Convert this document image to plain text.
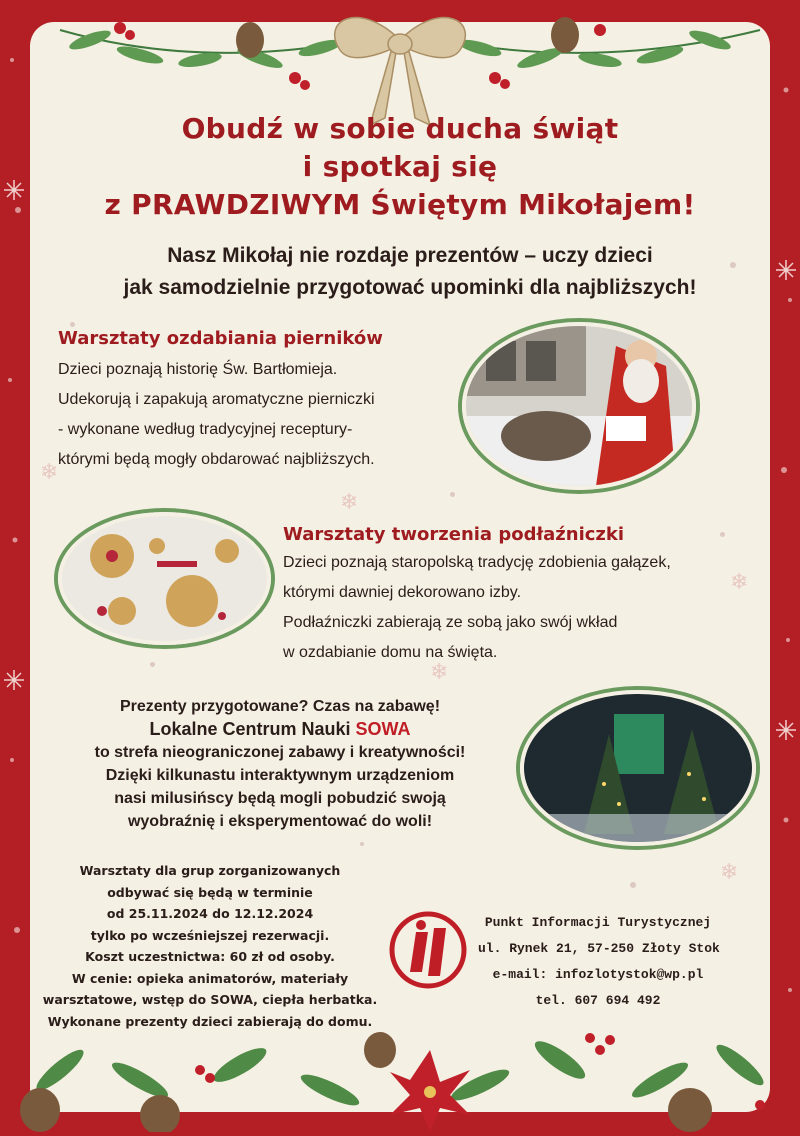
❄
❄
❄
❄
❄
Obudź w sobie ducha świąt
i spotkaj się
z PRAWDZIWYM Świętym Mikołajem!
Nasz Mikołaj nie rozdaje prezentów – uczy dzieci
jak samodzielnie przygotować upominki dla najbliższych!
Warsztaty ozdabiania pierników
Dzieci poznają historię Św. Bartłomieja.
Udekorują i zapakują aromatyczne pierniczki
- wykonane według tradycyjnej receptury-
którymi będą mogły obdarować najbliższych.
Warsztaty tworzenia podłaźniczki
Dzieci poznają staropolską tradycję zdobienia gałązek,
którymi dawniej dekorowano izby.
Podłaźniczki zabierają ze sobą jako swój wkład
w ozdabianie domu na święta.
Prezenty przygotowane? Czas na zabawę!
Lokalne Centrum Nauki SOWA
to strefa nieograniczonej zabawy i kreatywności!
Dzięki kilkunastu interaktywnym urządzeniom
nasi milusińscy będą mogli pobudzić swoją
wyobraźnię i eksperymentować do woli!
Warsztaty dla grup zorganizowanych
odbywać się będą w terminie
od 25.11.2024 do 12.12.2024
tylko po wcześniejszej rezerwacji.
Koszt uczestnictwa: 60 zł od osoby.
W cenie: opieka animatorów, materiały
warsztatowe, wstęp do SOWA, ciepła herbatka.
Wykonane prezenty dzieci zabierają do domu.
Punkt Informacji Turystycznej
ul. Rynek 21, 57-250 Złoty Stok
e-mail: infozlotystok@wp.pl
tel. 607 694 492
